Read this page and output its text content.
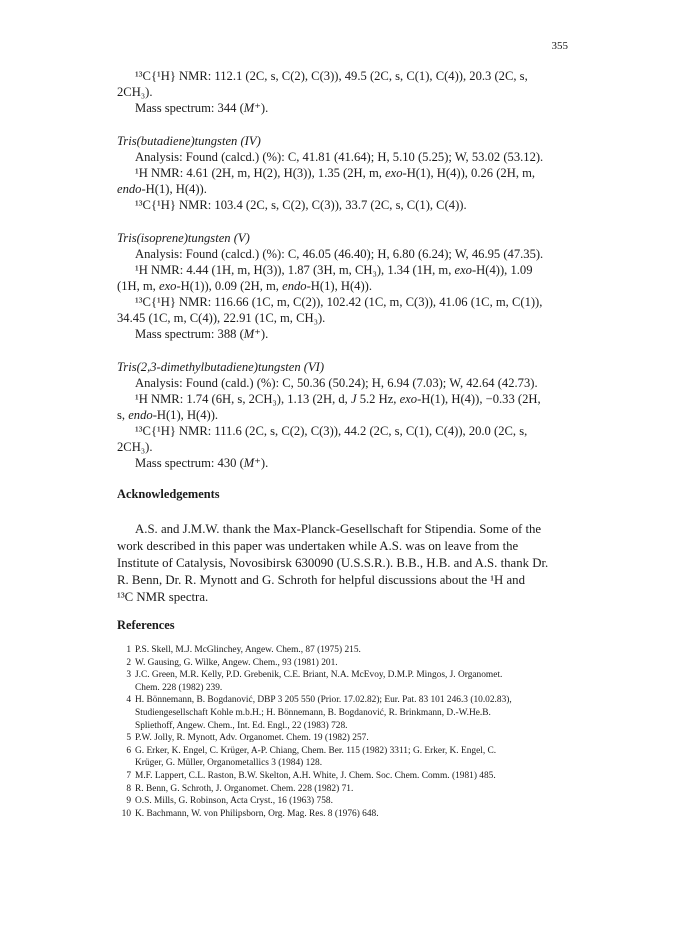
355
¹³C{¹H} NMR: 112.1 (2C, s, C(2), C(3)), 49.5 (2C, s, C(1), C(4)), 20.3 (2C, s,
2CH₃).
Mass spectrum: 344 (M⁺).
Tris(butadiene)tungsten (IV)
Analysis: Found (calcd.) (%): C, 41.81 (41.64); H, 5.10 (5.25); W, 53.02 (53.12).
¹H NMR: 4.61 (2H, m, H(2), H(3)), 1.35 (2H, m, exo-H(1), H(4)), 0.26 (2H, m,
endo-H(1), H(4)).
¹³C{¹H} NMR: 103.4 (2C, s, C(2), C(3)), 33.7 (2C, s, C(1), C(4)).
Tris(isoprene)tungsten (V)
Analysis: Found (calcd.) (%): C, 46.05 (46.40); H, 6.80 (6.24); W, 46.95 (47.35).
¹H NMR: 4.44 (1H, m, H(3)), 1.87 (3H, m, CH₃), 1.34 (1H, m, exo-H(4)), 1.09
(1H, m, exo-H(1)), 0.09 (2H, m, endo-H(1), H(4)).
¹³C{¹H} NMR: 116.66 (1C, m, C(2)), 102.42 (1C, m, C(3)), 41.06 (1C, m, C(1)),
34.45 (1C, m, C(4)), 22.91 (1C, m, CH₃).
Mass spectrum: 388 (M⁺).
Tris(2,3-dimethylbutadiene)tungsten (VI)
Analysis: Found (cald.) (%): C, 50.36 (50.24); H, 6.94 (7.03); W, 42.64 (42.73).
¹H NMR: 1.74 (6H, s, 2CH₃), 1.13 (2H, d, J 5.2 Hz, exo-H(1), H(4)), −0.33 (2H,
s, endo-H(1), H(4)).
¹³C{¹H} NMR: 111.6 (2C, s, C(2), C(3)), 44.2 (2C, s, C(1), C(4)), 20.0 (2C, s,
2CH₃).
Mass spectrum: 430 (M⁺).
Acknowledgements
A.S. and J.M.W. thank the Max-Planck-Gesellschaft for Stipendia. Some of the
work described in this paper was undertaken while A.S. was on leave from the
Institute of Catalysis, Novosibirsk 630090 (U.S.S.R.). B.B., H.B. and A.S. thank Dr.
R. Benn, Dr. R. Mynott and G. Schroth for helpful discussions about the ¹H and
¹³C NMR spectra.
References
1 P.S. Skell, M.J. McGlinchey, Angew. Chem., 87 (1975) 215.
2 W. Gausing, G. Wilke, Angew. Chem., 93 (1981) 201.
3 J.C. Green, M.R. Kelly, P.D. Grebenik, C.E. Briant, N.A. McEvoy, D.M.P. Mingos, J. Organomet.
Chem. 228 (1982) 239.
4 H. Bönnemann, B. Bogdanović, DBP 3 205 550 (Prior. 17.02.82); Eur. Pat. 83 101 246.3 (10.02.83),
Studiengesellschaft Kohle m.b.H.; H. Bönnemann, B. Bogdanović, R. Brinkmann, D.-W.He.B.
Spliethoff, Angew. Chem., Int. Ed. Engl., 22 (1983) 728.
5 P.W. Jolly, R. Mynott, Adv. Organomet. Chem. 19 (1982) 257.
6 G. Erker, K. Engel, C. Krüger, A-P. Chiang, Chem. Ber. 115 (1982) 3311; G. Erker, K. Engel, C.
Krüger, G. Müller, Organometallics 3 (1984) 128.
7 M.F. Lappert, C.L. Raston, B.W. Skelton, A.H. White, J. Chem. Soc. Chem. Comm. (1981) 485.
8 R. Benn, G. Schroth, J. Organomet. Chem. 228 (1982) 71.
9 O.S. Mills, G. Robinson, Acta Cryst., 16 (1963) 758.
10 K. Bachmann, W. von Philipsborn, Org. Mag. Res. 8 (1976) 648.
